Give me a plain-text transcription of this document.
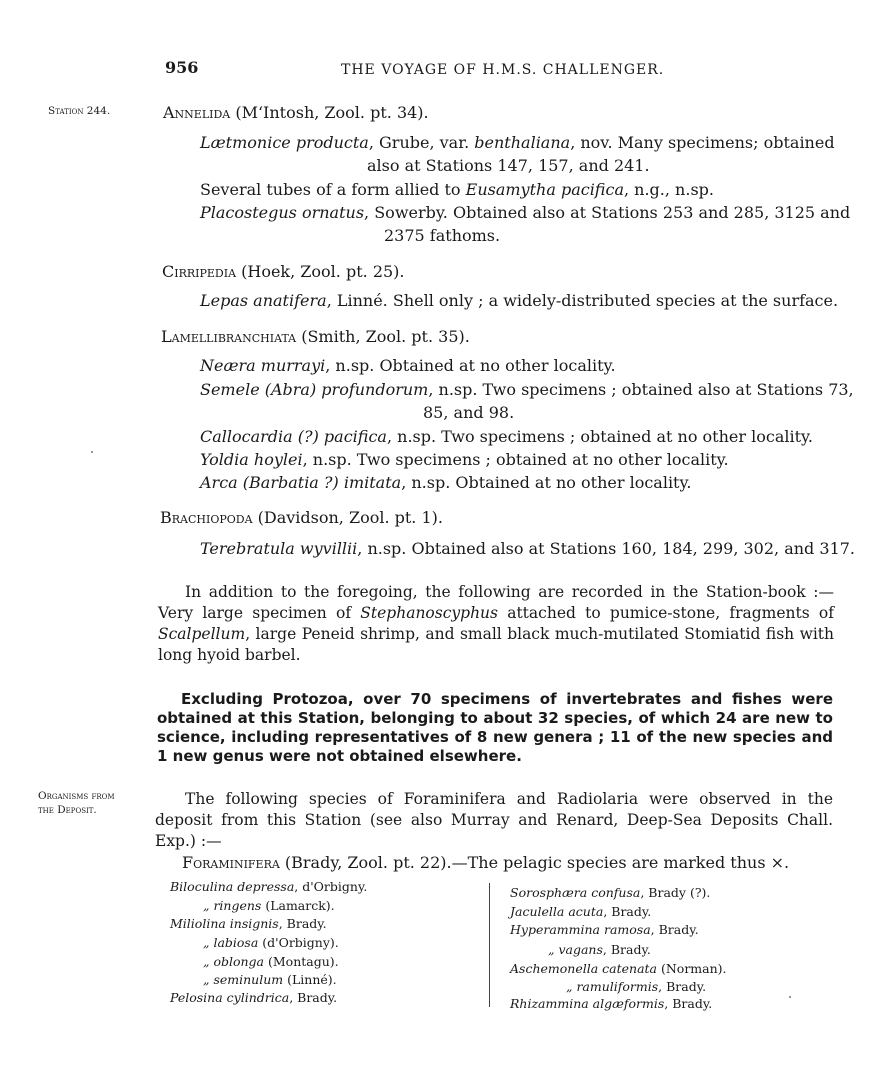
956	THE VOYAGE OF H.M.S. CHALLENGER.
Station 244.
Organisms from
the Deposit.
Annelida (M‘Intosh, Zool. pt. 34).
Lætmonice producta, Grube, var. benthaliana, nov. Many specimens; obtained
also at Stations 147, 157, and 241.
Several tubes of a form allied to Eusamytha pacifica, n.g., n.sp.
Placostegus ornatus, Sowerby. Obtained also at Stations 253 and 285, 3125 and
2375 fathoms.
Cirripedia (Hoek, Zool. pt. 25).
Lepas anatifera, Linné. Shell only ; a widely-distributed species at the surface.
Lamellibranchiata (Smith, Zool. pt. 35).
Neæra murrayi, n.sp. Obtained at no other locality.
Semele (Abra) profundorum, n.sp. Two specimens ; obtained also at Stations 73,
85, and 98.
Callocardia (?) pacifica, n.sp. Two specimens ; obtained at no other locality.
Yoldia hoylei, n.sp. Two specimens ; obtained at no other locality.
Arca (Barbatia ?) imitata, n.sp. Obtained at no other locality.
Brachiopoda (Davidson, Zool. pt. 1).
Terebratula wyvillii, n.sp. Obtained also at Stations 160, 184, 299, 302, and 317.
In addition to the foregoing, the following are recorded in the Station-book :—Very large specimen of Stephanoscyphus attached to pumice-stone, fragments of Scalpellum, large Peneid shrimp, and small black much-mutilated Stomiatid fish with long hyoid barbel.
Excluding Protozoa, over 70 specimens of invertebrates and fishes were obtained at this Station, belonging to about 32 species, of which 24 are new to science, including representatives of 8 new genera ; 11 of the new species and 1 new genus were not obtained elsewhere.
The following species of Foraminifera and Radiolaria were observed in the deposit from this Station (see also Murray and Renard, Deep-Sea Deposits Chall. Exp.) :—
Foraminifera (Brady, Zool. pt. 22).—The pelagic species are marked thus ×.
Biloculina depressa, d'Orbigny.
„ ringens (Lamarck).
Miliolina insignis, Brady.
„ labiosa (d'Orbigny).
„ oblonga (Montagu).
„ seminulum (Linné).
Pelosina cylindrica, Brady.
Sorosphæra confusa, Brady (?).
Jaculella acuta, Brady.
Hyperammina ramosa, Brady.
„ vagans, Brady.
Aschemonella catenata (Norman).
„ ramuliformis, Brady.
Rhizammina algæformis, Brady.
